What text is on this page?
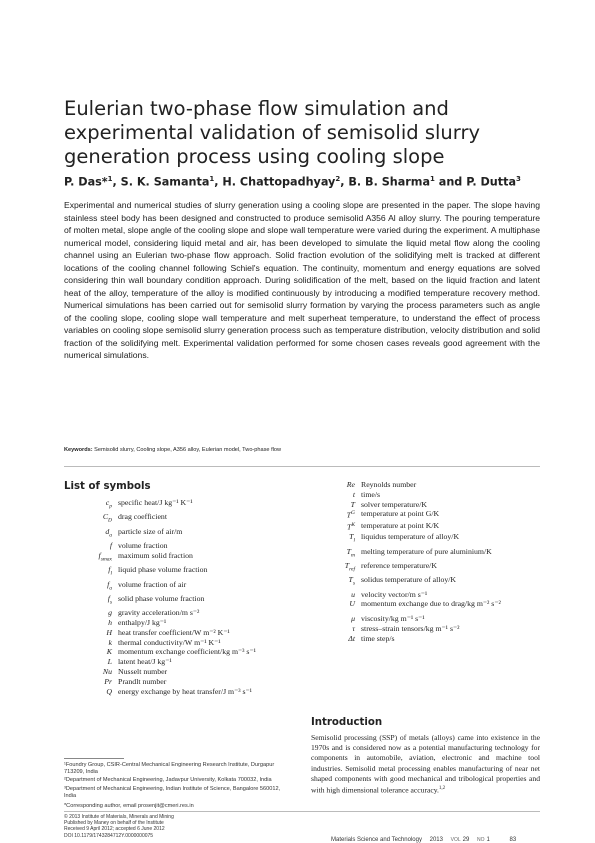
Eulerian two-phase flow simulation and experimental validation of semisolid slurry generation process using cooling slope
P. Das*$^1$, S. K. Samanta$^1$, H. Chattopadhyay$^2$, B. B. Sharma$^1$ and P. Dutta$^3$

Experimental and numerical studies of slurry generation using a cooling slope are presented in the paper. The slope having stainless steel body has been designed and constructed to produce semisolid A356 Al alloy slurry. The pouring temperature of molten metal, slope angle of the cooling slope and slope wall temperature were varied during the experiment. A multiphase numerical model, considering liquid metal and air, has been developed to simulate the liquid metal flow along the cooling channel using an Eulerian two-phase flow approach. Solid fraction evolution of the solidifying melt is tracked at different locations of the cooling channel following Schiel's equation. The continuity, momentum and energy equations are solved considering thin wall boundary condition approach. During solidification of the melt, based on the liquid fraction and latent heat of the alloy, temperature of the alloy is modified continuously by introducing a modified temperature recovery method. Numerical simulations has been carried out for semisolid slurry formation by varying the process parameters such as angle of the cooling slope, cooling slope wall temperature and melt superheat temperature, to understand the effect of process variables on cooling slope semisolid slurry generation process such as temperature distribution, velocity distribution and solid fraction of the solidifying melt. Experimental validation performed for some chosen cases reveals good agreement with the numerical simulations.

Keywords: Semisolid slurry, Cooling slope, A356 alloy, Eulerian model, Two-phase flow
List of symbols
$c_p$ specific heat/J kg⁻¹ K⁻¹
$C_D$ drag coefficient
$d_a$ particle size of air/m
f volume fraction
$f_{smax}$ maximum solid fraction
$f_l$ liquid phase volume fraction
$f_a$ volume fraction of air
$f_s$ solid phase volume fraction
g gravity acceleration/m s⁻²
h enthalpy/J kg⁻¹
H heat transfer coefficient/W m⁻² K⁻¹
k thermal conductivity/W m⁻¹ K⁻¹
K momentum exchange coefficient/kg m⁻³ s⁻¹
L latent heat/J kg⁻¹
Nu Nusselt number
Pr Prandlt number
Q energy exchange by heat transfer/J m⁻³ s⁻¹
Re Reynolds number
t time/s
T solver temperature/K
$T^G$ temperature at point G/K
$T^K$ temperature at point K/K
$T_l$ liquidus temperature of alloy/K
$T_m$ melting temperature of pure aluminium/K
$T_{ref}$ reference temperature/K
$T_s$ solidus temperature of alloy/K
u velocity vector/m s⁻¹
U momentum exchange due to drag/kg m⁻² s⁻²
μ viscosity/kg m⁻¹ s⁻¹
τ stress–strain tensors/kg m⁻¹ s⁻²
Δt time step/s
Introduction

Semisolid processing (SSP) of metals (alloys) came into existence in the 1970s and is considered now as a potential manufacturing technology for components in automobile, aviation, electronic and machine tool industries. Semisolid metal processing enables manufacturing of near net shaped components with good mechanical and tribological properties and with high dimensional tolerance accuracy.$^{1,2}$

¹Foundry Group, CSIR-Central Mechanical Engineering Research Institute, Durgapur 713209, India

²Department of Mechanical Engineering, Jadavpur University, Kolkata 700032, India

³Department of Mechanical Engineering, Indian Institute of Science, Bangalore 560012, India

*Corresponding author, email prosenjit@cmeri.res.in

© 2013 Institute of Materials, Minerals and Mining
Published by Maney on behalf of the Institute
Received 9 April 2012; accepted 6 June 2012
DOI 10.1179/1743284712Y.0000000075
Materials Science and Technology 2013 VOL 29 NO 1	83
